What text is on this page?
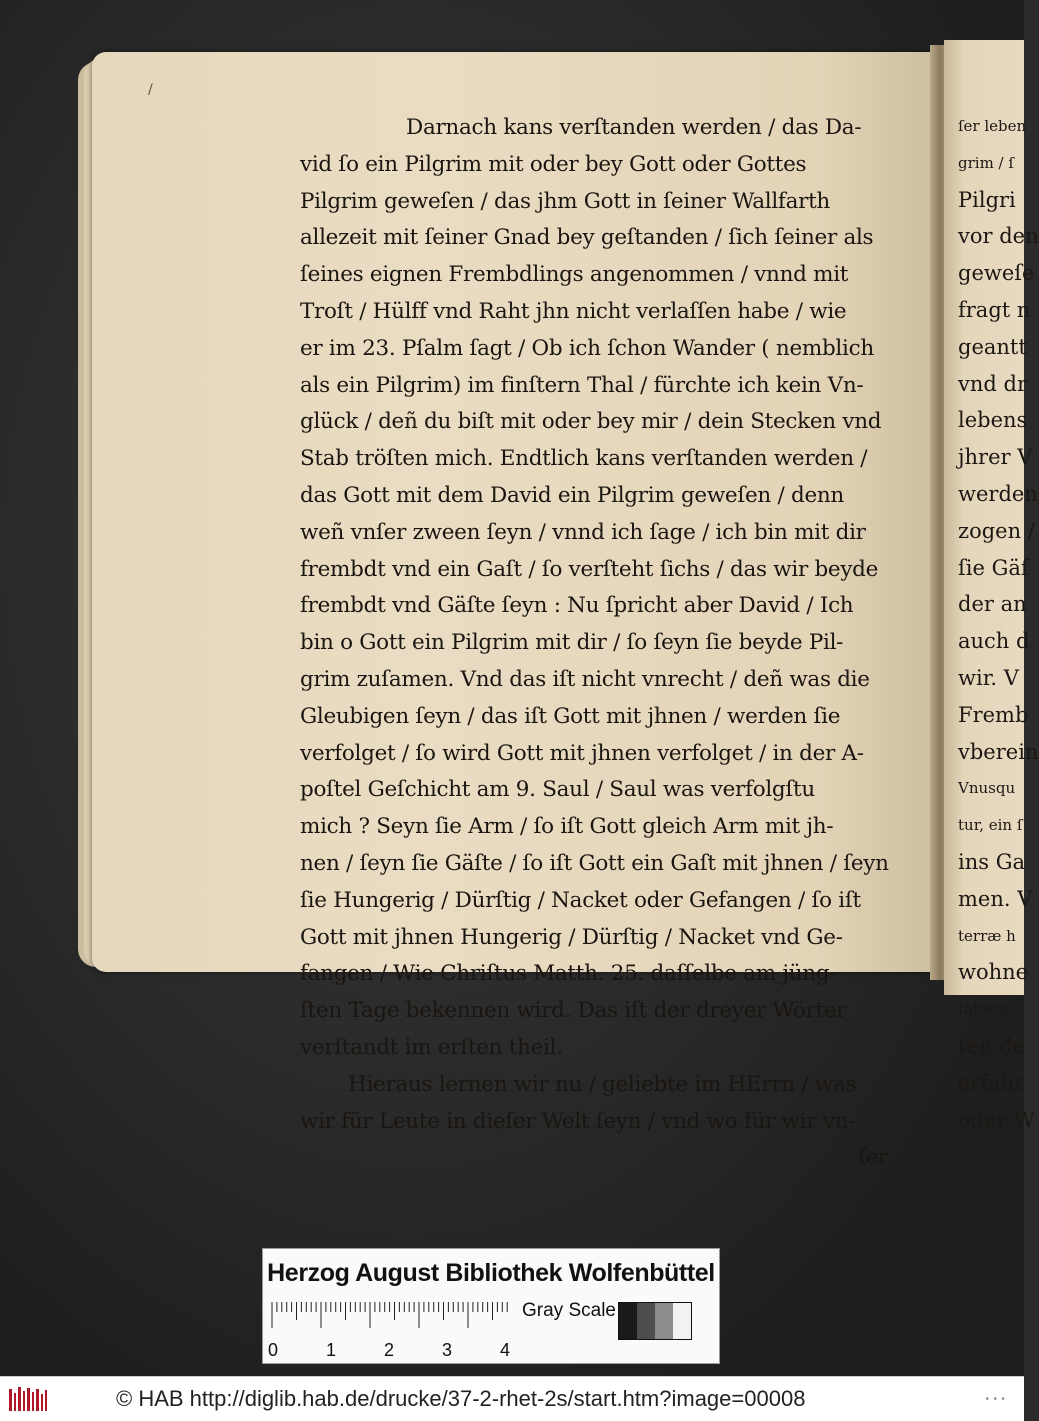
/
Darnach kans verſtanden werden / das Da-
vid ſo ein Pilgrim mit oder bey Gott oder Gottes
Pilgrim geweſen / das jhm Gott in ſeiner Wallfarth
allezeit mit ſeiner Gnad bey geſtanden / ſich ſeiner als
ſeines eignen Frembdlings angenommen / vnnd mit
Troſt / Hülff vnd Raht jhn nicht verlaſſen habe / wie
er im 23. Pſalm ſagt / Ob ich ſchon Wander ( nemblich
als ein Pilgrim) im finſtern Thal / fürchte ich kein Vn-
glück / deñ du biſt mit oder bey mir / dein Stecken vnd
Stab tröſten mich. Endtlich kans verſtanden werden /
das Gott mit dem David ein Pilgrim geweſen / denn
weñ vnſer zween ſeyn / vnnd ich ſage / ich bin mit dir
frembdt vnd ein Gaſt / ſo verſteht ſichs / das wir beyde
frembdt vnd Gäſte ſeyn : Nu ſpricht aber David / Ich
bin o Gott ein Pilgrim mit dir / ſo ſeyn ſie beyde Pil-
grim zuſamen. Vnd das iſt nicht vnrecht / deñ was die
Gleubigen ſeyn / das iſt Gott mit jhnen / werden ſie
verfolget / ſo wird Gott mit jhnen verfolget / in der A-
poſtel Geſchicht am 9. Saul / Saul was verfolgſtu
mich ? Seyn ſie Arm / ſo iſt Gott gleich Arm mit jh-
nen / ſeyn ſie Gäſte / ſo iſt Gott ein Gaſt mit jhnen / ſeyn
ſie Hungerig / Dürſtig / Nacket oder Gefangen / ſo iſt
Gott mit jhnen Hungerig / Dürſtig / Nacket vnd Ge-
fangen / Wie Chriſtus Matth. 25. daſſelbe am jüng-
ſten Tage bekennen wird. Das iſt der dreyer Wörter
verſtandt im erſten theil.
Hieraus lernen wir nu / geliebte im HErrn / was
wir für Leute in dieſer Welt ſeyn / vnd wo für wir vn-
ſer
ſer leben
grim / ſ
Pilgri
vor den
geweſe
fragt n
geantt
vnd dr
lebens
jhrer V
werden
zogen /
ſie Gäſ
der an
auch d
wir. V
Fremb
vberein
Vnusqu
tur, ein ſ
ins Ga
men. V
terræ h
wohne
tabern.
ten de
erfahr
oder W
Herzog August Bibliothek Wolfenbüttel
Gray Scale
0	1	2	3	4
© HAB http://diglib.hab.de/drucke/37-2-rhet-2s/start.htm?image=00008	•••
